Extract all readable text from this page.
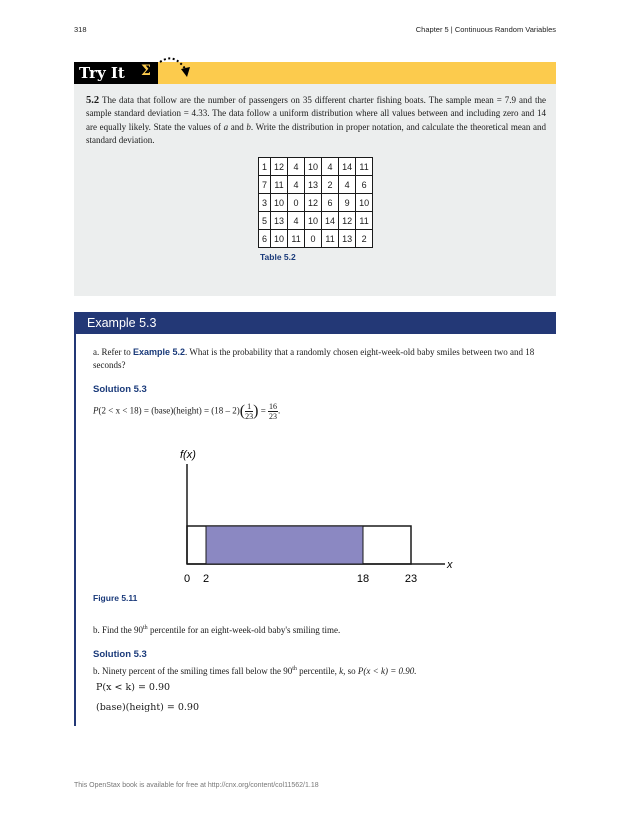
318	Chapter 5 | Continuous Random Variables
Try It	Σ
5.2 The data that follow are the number of passengers on 35 different charter fishing boats. The sample mean = 7.9 and the sample standard deviation = 4.33. The data follow a uniform distribution where all values between and including zero and 14 are equally likely. State the values of a and b. Write the distribution in proper notation, and calculate the theoretical mean and standard deviation.
1	12	4	10	4	14	11
7	11	4	13	2	4	6
3	10	0	12	6	9	10
5	13	4	10	14	12	11
6	10	11	0	11	13	2
Table 5.2
Example 5.3
a. Refer to Example 5.2. What is the probability that a randomly chosen eight-week-old baby smiles between two and 18 seconds?
Solution 5.3
P(2 < x < 18) = (base)(height) = $(18 - 2)( \frac{1}{23}$ ) = $\frac{16}{23}$ .
f(x)
x
0 2	18	23
Figure 5.11
b. Find the 90th percentile for an eight-week-old baby's smiling time.
Solution 5.3
b. Ninety percent of the smiling times fall below the 90th percentile, k, so P(x < k) = 0.90.
P(x < k) = 0.90
(base)(height) = 0.90
This OpenStax book is available for free at http://cnx.org/content/col11562/1.18
